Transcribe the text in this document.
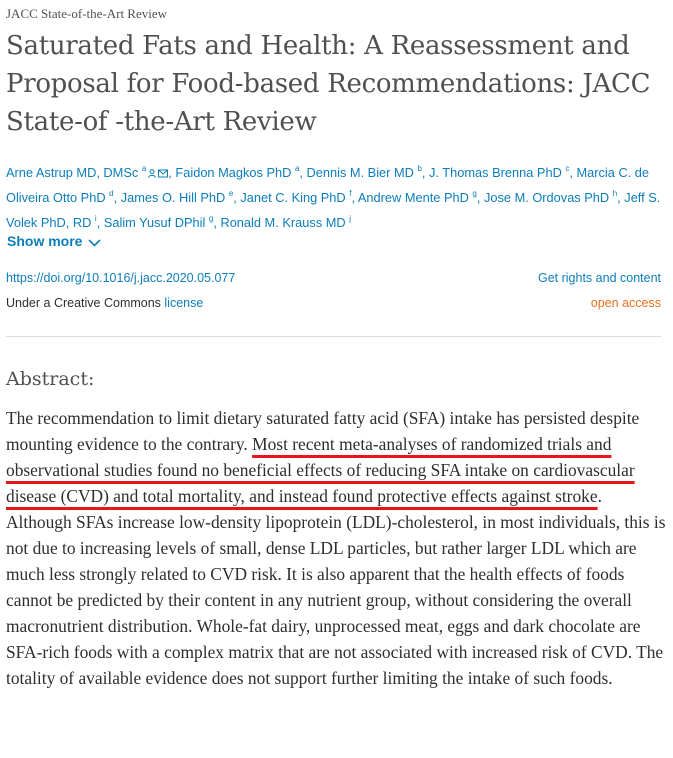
JACC State-of-the-Art Review
Saturated Fats and Health: A Reassessment and Proposal for Food-based Recommendations: JACC State-of -the-Art Review
Arne Astrup MD, DMSc $^a$ , Faidon Magkos PhD $^a$, Dennis M. Bier MD $^b$, J. Thomas Brenna PhD $^c$, Marcia C. de Oliveira Otto PhD $^d$, James O. Hill PhD $^e$, Janet C. King PhD $^f$, Andrew Mente PhD $^g$, Jose M. Ordovas PhD $^h$, Jeff S. Volek PhD, RD $^i$, Salim Yusuf DPhil $^g$, Ronald M. Krauss MD $^j$
Show more
https://doi.org/10.1016/j.jacc.2020.05.077
Under a Creative Commons license
Get rights and content
open access
Abstract:
The recommendation to limit dietary saturated fatty acid (SFA) intake has persisted despite mounting evidence to the contrary. Most recent meta-analyses of randomized trials and observational studies found no beneficial effects of reducing SFA intake on cardiovascular disease (CVD) and total mortality, and instead found protective effects against stroke. Although SFAs increase low-density lipoprotein (LDL)-cholesterol, in most individuals, this is not due to increasing levels of small, dense LDL particles, but rather larger LDL which are much less strongly related to CVD risk. It is also apparent that the health effects of foods cannot be predicted by their content in any nutrient group, without considering the overall macronutrient distribution. Whole-fat dairy, unprocessed meat, eggs and dark chocolate are SFA-rich foods with a complex matrix that are not associated with increased risk of CVD. The totality of available evidence does not support further limiting the intake of such foods.
